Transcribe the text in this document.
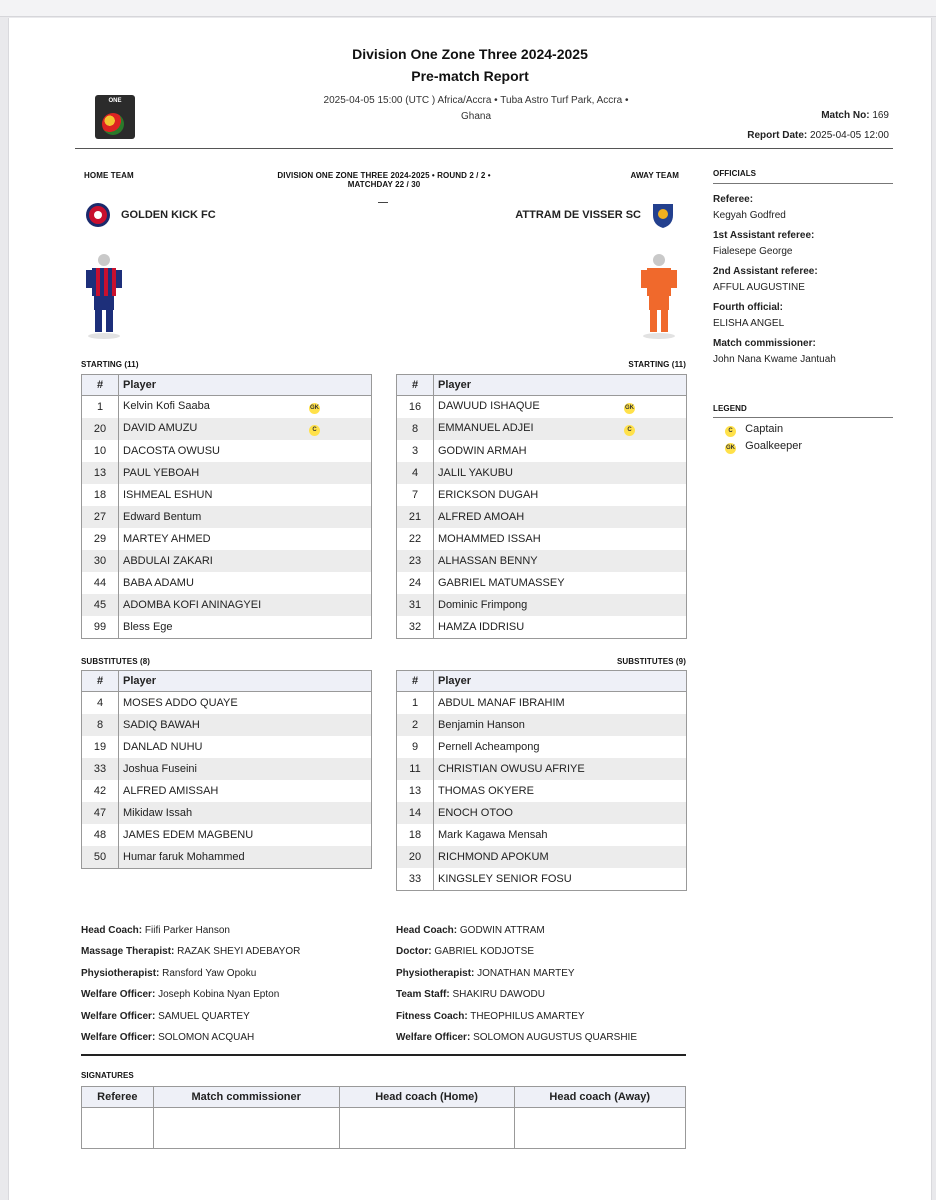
Division One Zone Three 2024-2025
Pre-match Report
2025-04-05 15:00 (UTC ) Africa/Accra • Tuba Astro Turf Park, Accra •
Ghana
ONE
Match No: 169
Report Date: 2025-04-05 12:00
HOME TEAM	DIVISION ONE ZONE THREE 2024-2025 • ROUND 2 / 2 •
MATCHDAY 22 / 30
AWAY TEAM
GOLDEN KICK FC	ATTRAM DE VISSER SC
OFFICIALS
Referee:
Kegyah Godfred
1st Assistant referee:
Fialesepe George
2nd Assistant referee:
AFFUL AUGUSTINE
Fourth official:
ELISHA ANGEL
Match commissioner:
John Nana Kwame Jantuah
LEGEND
C Captain
GK Goalkeeper
STARTING (11)	STARTING (11)
#	Player
1	Kelvin Kofi Saaba GK
20	DAVID AMUZU C
10	DACOSTA OWUSU
13	PAUL YEBOAH
18	ISHMEAL ESHUN
27	Edward Bentum
29	MARTEY AHMED
30	ABDULAI ZAKARI
44	BABA ADAMU
45	ADOMBA KOFI ANINAGYEI
99	Bless Ege
#	Player
16	DAWUUD ISHAQUE GK
8	EMMANUEL ADJEI C
3	GODWIN ARMAH
4	JALIL YAKUBU
7	ERICKSON DUGAH
21	ALFRED AMOAH
22	MOHAMMED ISSAH
23	ALHASSAN BENNY
24	GABRIEL MATUMASSEY
31	Dominic Frimpong
32	HAMZA IDDRISU
SUBSTITUTES (8)	SUBSTITUTES (9)
#	Player
4	MOSES ADDO QUAYE
8	SADIQ BAWAH
19	DANLAD NUHU
33	Joshua Fuseini
42	ALFRED AMISSAH
47	Mikidaw Issah
48	JAMES EDEM MAGBENU
50	Humar faruk Mohammed
#	Player
1	ABDUL MANAF IBRAHIM
2	Benjamin Hanson
9	Pernell Acheampong
11	CHRISTIAN OWUSU AFRIYE
13	THOMAS OKYERE
14	ENOCH OTOO
18	Mark Kagawa Mensah
20	RICHMOND APOKUM
33	KINGSLEY SENIOR FOSU
Head Coach: Fiifi Parker Hanson
Massage Therapist: RAZAK SHEYI ADEBAYOR
Physiotherapist: Ransford Yaw Opoku
Welfare Officer: Joseph Kobina Nyan Epton
Welfare Officer: SAMUEL QUARTEY
Welfare Officer: SOLOMON ACQUAH
Head Coach: GODWIN ATTRAM
Doctor: GABRIEL KODJOTSE
Physiotherapist: JONATHAN MARTEY
Team Staff: SHAKIRU DAWODU
Fitness Coach: THEOPHILUS AMARTEY
Welfare Officer: SOLOMON AUGUSTUS QUARSHIE
SIGNATURES
Referee	Match commissioner	Head coach (Home)	Head coach (Away)
